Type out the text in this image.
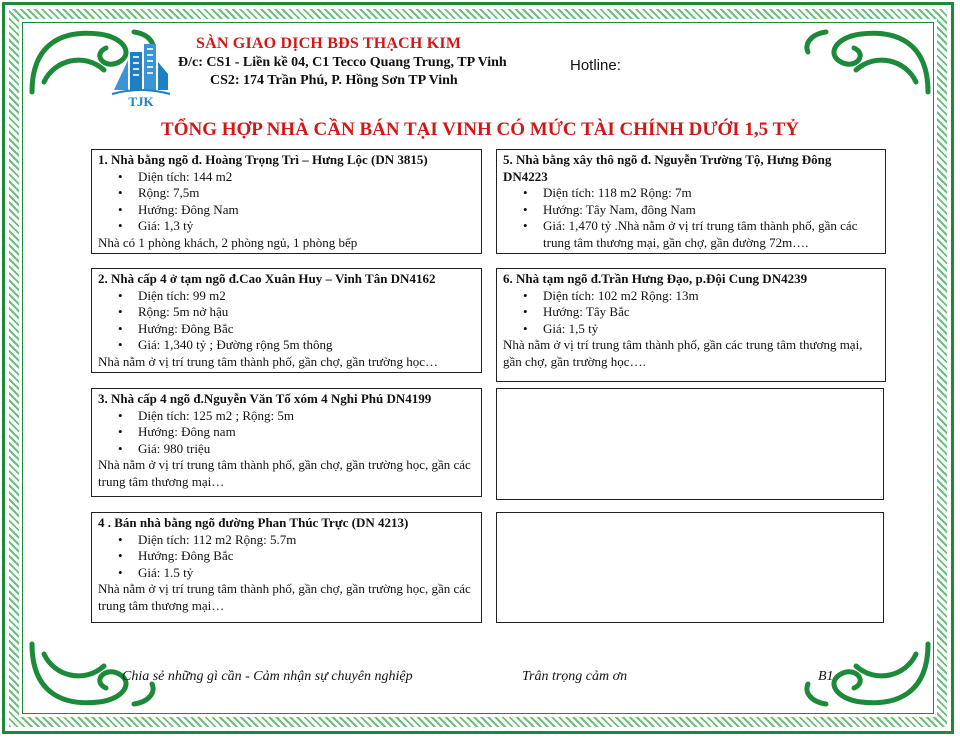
TJK
SÀN GIAO DỊCH BĐS THẠCH KIM
Đ/c: CS1 - Liền kề 04, C1 Tecco Quang Trung, TP Vinh
CS2: 174 Trần Phú, P. Hồng Sơn TP Vinh
Hotline:
TỔNG HỢP NHÀ CẦN BÁN TẠI VINH CÓ MỨC TÀI CHÍNH DƯỚI 1,5 TỶ
1. Nhà bằng ngõ đ. Hoàng Trọng Trì – Hưng Lộc (DN 3815)
• Diện tích: 144 m2
• Rộng: 7,5m
• Hướng: Đông Nam
• Giá: 1,3 tỷ

Nhà có 1 phòng khách, 2 phòng ngủ, 1 phòng bếp

2. Nhà cấp 4 ở tạm ngõ đ.Cao Xuân Huy – Vinh Tân DN4162
• Diện tích: 99 m2
• Rộng: 5m nở hậu
• Hướng: Đông Bắc
• Giá: 1,340 tỷ ; Đường rộng 5m thông

Nhà nằm ở vị trí trung tâm thành phố, gần chợ, gần trường học…

3. Nhà cấp 4 ngõ đ.Nguyễn Văn Tố xóm 4 Nghi Phú DN4199
• Diện tích: 125 m2 ; Rộng: 5m
• Hướng: Đông nam
• Giá: 980 triệu

Nhà nằm ở vị trí trung tâm thành phố, gần chợ, gần trường học, gần các trung tâm thương mại…

4 . Bán nhà bằng ngõ đường Phan Thúc Trực (DN 4213)
• Diện tích: 112 m2 Rộng: 5.7m
• Hướng: Đông Bắc
• Giá: 1.5 tỷ

Nhà nằm ở vị trí trung tâm thành phố, gần chợ, gần trường học, gần các trung tâm thương mại…

5. Nhà bằng xây thô ngõ đ. Nguyễn Trường Tộ, Hưng Đông DN4223
• Diện tích: 118 m2 Rộng: 7m
• Hướng: Tây Nam, đông Nam
• Giá: 1,470 tỷ .Nhà nằm ở vị trí trung tâm thành phố, gần các trung tâm thương mại, gần chợ, gần đường 72m….
6. Nhà tạm ngõ đ.Trần Hưng Đạo, p.Đội Cung DN4239
• Diện tích: 102 m2 Rộng: 13m
• Hướng: Tây Bắc
• Giá: 1,5 tỷ

Nhà nằm ở vị trí trung tâm thành phố, gần các trung tâm thương mại, gần chợ, gần trường học….

Chia sẻ những gì cần - Cảm nhận sự chuyên nghiệp	Trân trọng cảm ơn	B1
